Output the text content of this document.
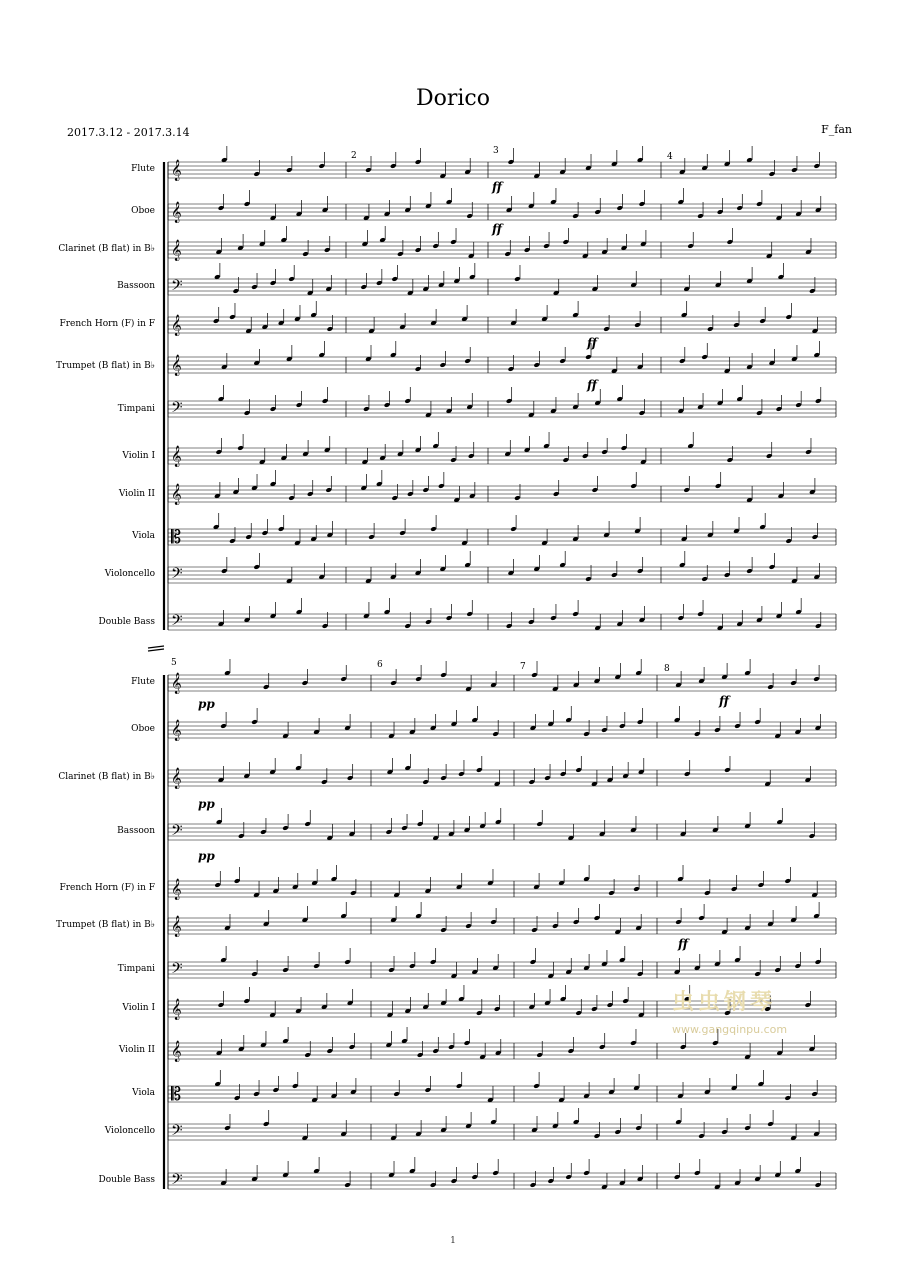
Dorico
2017.3.12 - 2017.3.14	F_fan
Flute
Oboe
Clarinet (B flat) in B♭
Bassoon
French Horn (F) in F
Trumpet (B flat) in B♭
Timpani
Violin I
Violin II
Viola
Violoncello
Double Bass
Flute
Oboe
Clarinet (B flat) in B♭
Bassoon
French Horn (F) in F
Trumpet (B flat) in B♭
Timpani
Violin I
Violin II
Viola
Violoncello
Double Bass
2	3
4
5	6	7	8
ff
ff
ff
ff
ff
ff
pp
pp
pp
𝄞
𝄞
𝄞
𝄢
𝄞
𝄞
𝄢
𝄞
𝄞
𝄡
𝄢
𝄢
𝄞
𝄞
𝄞
𝄢
𝄞
𝄞
𝄢
𝄞
𝄞
𝄡
𝄢
𝄢
虫虫钢琴
www.gangqinpu.com
1
